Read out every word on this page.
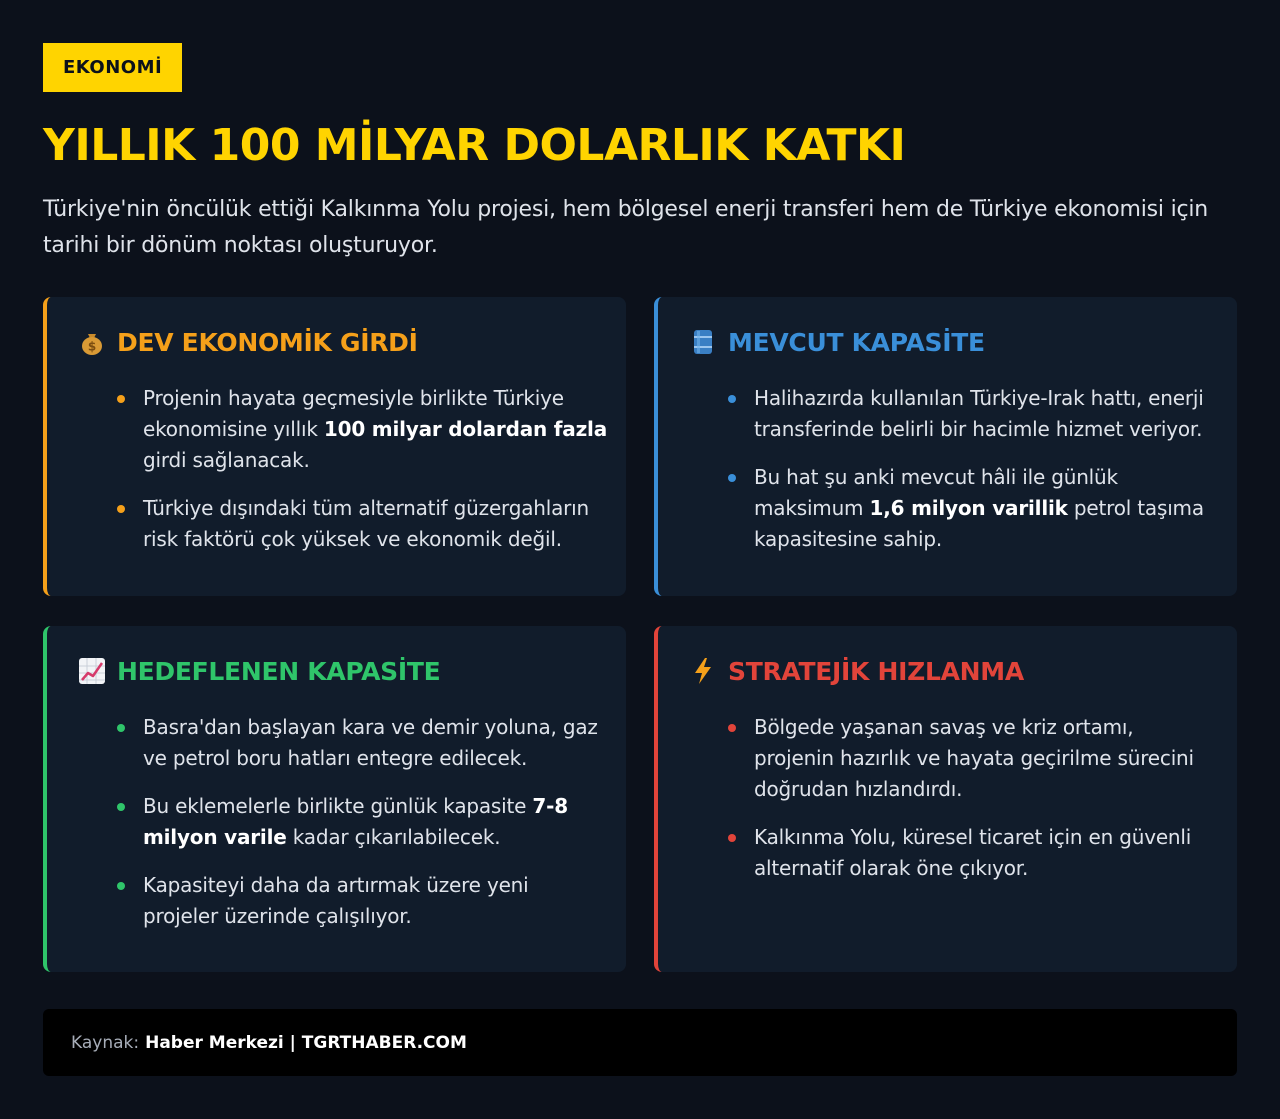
EKONOMİ
YILLIK 100 MİLYAR DOLARLIK KATKI

Türkiye'nin öncülük ettiği Kalkınma Yolu projesi, hem bölgesel enerji transferi hem de Türkiye ekonomisi için tarihi bir dönüm noktası oluşturuyor.

$ DEV EKONOMİK GİRDİ
Projenin hayata geçmesiyle birlikte Türkiye ekonomisine yıllık 100 milyar dolardan fazla girdi sağlanacak.
Türkiye dışındaki tüm alternatif güzergahların risk faktörü çok yüksek ve ekonomik değil.
MEVCUT KAPASİTE
Halihazırda kullanılan Türkiye-Irak hattı, enerji transferinde belirli bir hacimle hizmet veriyor.
Bu hat şu anki mevcut hâli ile günlük maksimum 1,6 milyon varillik petrol taşıma kapasitesine sahip.
HEDEFLENEN KAPASİTE
Basra'dan başlayan kara ve demir yoluna, gaz ve petrol boru hatları entegre edilecek.
Bu eklemelerle birlikte günlük kapasite 7-8 milyon varile kadar çıkarılabilecek.
Kapasiteyi daha da artırmak üzere yeni projeler üzerinde çalışılıyor.
STRATEJİK HIZLANMA
Bölgede yaşanan savaş ve kriz ortamı, projenin hazırlık ve hayata geçirilme sürecini doğrudan hızlandırdı.
Kalkınma Yolu, küresel ticaret için en güvenli alternatif olarak öne çıkıyor.
Kaynak: Haber Merkezi | TGRTHABER.COM
